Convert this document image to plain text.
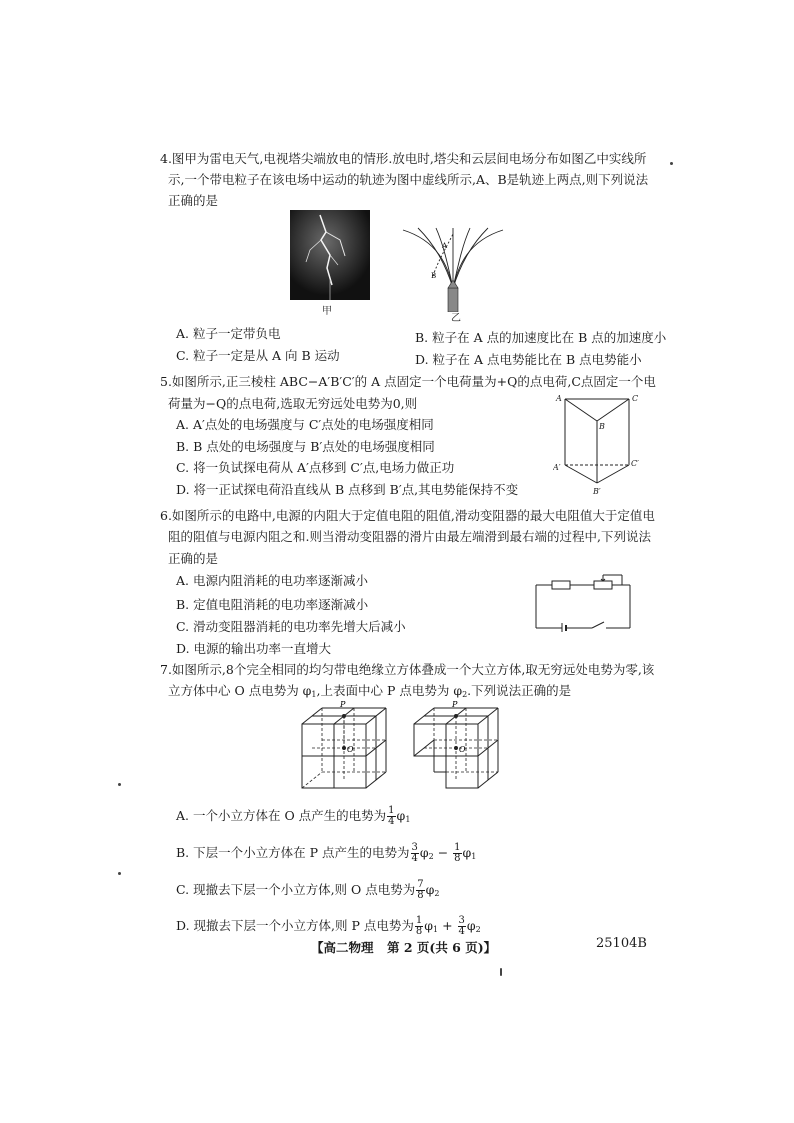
4.图甲为雷电天气,电视塔尖端放电的情形.放电时,塔尖和云层间电场分布如图乙中实线所
示,一个带电粒子在该电场中运动的轨迹为图中虚线所示,A、B是轨迹上两点,则下列说法
正确的是
甲
A
B
乙
A. 粒子一定带负电	B. 粒子在 A 点的加速度比在 B 点的加速度小
C. 粒子一定是从 A 向 B 运动	D. 粒子在 A 点电势能比在 B 点电势能小
5.如图所示,正三棱柱 ABC−A′B′C′的 A 点固定一个电荷量为+Q的点电荷,C点固定一个电
荷量为−Q的点电荷,选取无穷远处电势为0,则
A. A′点处的电场强度与 C′点处的电场强度相同
B. B 点处的电场强度与 B′点处的电场强度相同
C. 将一负试探电荷从 A′点移到 C′点,电场力做正功
D. 将一正试探电荷沿直线从 B 点移到 B′点,其电势能保持不变
A	C
B
A′	C′
B′
6.如图所示的电路中,电源的内阻大于定值电阻的阻值,滑动变阻器的最大电阻值大于定值电
阻的阻值与电源内阻之和.则当滑动变阻器的滑片由最左端滑到最右端的过程中,下列说法
正确的是
A. 电源内阻消耗的电功率逐渐减小
B. 定值电阻消耗的电功率逐渐减小
C. 滑动变阻器消耗的电功率先增大后减小
D. 电源的输出功率一直增大
7.如图所示,8个完全相同的均匀带电绝缘立方体叠成一个大立方体,取无穷远处电势为零,该
立方体中心 O 点电势为 $\varphi_1$,上表面中心 P 点电势为 $\varphi_2$.下列说法正确的是
P
O
P
O
A. 一个小立方体在 O 点产生的电势为 $\frac{1}{4} \varphi_1$
B. 下层一个小立方体在 P 点产生的电势为 $\frac{3}{4} \varphi_2 - \frac{1}{8} \varphi_1$
C. 现撤去下层一个小立方体,则 O 点电势为 $\frac{7}{8} \varphi_2$
D. 现撤去下层一个小立方体,则 P 点电势为 $\frac{1}{8} \varphi_1 + \frac{3}{4} \varphi_2$
【高二物理 第 2 页(共 6 页)】	25104B
